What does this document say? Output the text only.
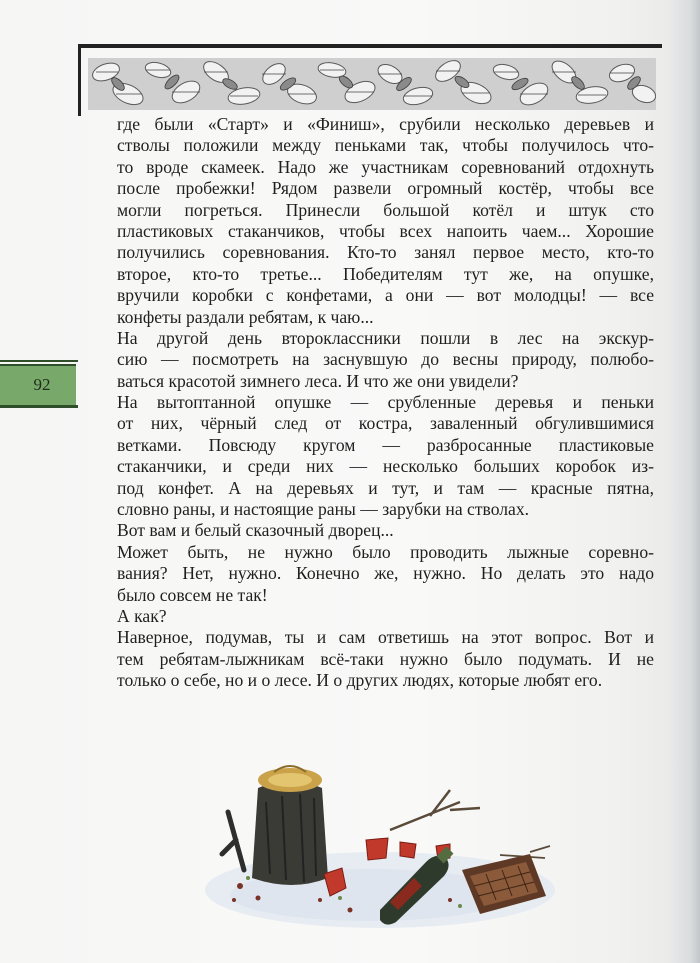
92
где были «Старт» и «Финиш», срубили несколько деревьев и
стволы положили между пеньками так, чтобы получилось что-
то вроде скамеек. Надо же участникам соревнований отдохнуть
после пробежки! Рядом развели огромный костёр, чтобы все
могли погреться. Принесли большой котёл и штук сто
пластиковых стаканчиков, чтобы всех напоить чаем... Хорошие
получились соревнования. Кто-то занял первое место, кто-то
второе, кто-то третье... Победителям тут же, на опушке,
вручили коробки с конфетами, а они — вот молодцы! — все
конфеты раздали ребятам, к чаю...
На другой день второклассники пошли в лес на экскур-
сию — посмотреть на заснувшую до весны природу, полюбо-
ваться красотой зимнего леса. И что же они увидели?
На вытоптанной опушке — срубленные деревья и пеньки
от них, чёрный след от костра, заваленный обгулившимися
ветками. Повсюду кругом — разбросанные пластиковые
стаканчики, и среди них — несколько больших коробок из-
под конфет. А на деревьях и тут, и там — красные пятна,
словно раны, и настоящие раны — зарубки на стволах.
Вот вам и белый сказочный дворец...
Может быть, не нужно было проводить лыжные соревно-
вания? Нет, нужно. Конечно же, нужно. Но делать это надо
было совсем не так!
А как?
Наверное, подумав, ты и сам ответишь на этот вопрос. Вот и
тем ребятам-лыжникам всё-таки нужно было подумать. И не
только о себе, но и о лесе. И о других людях, которые любят его.
